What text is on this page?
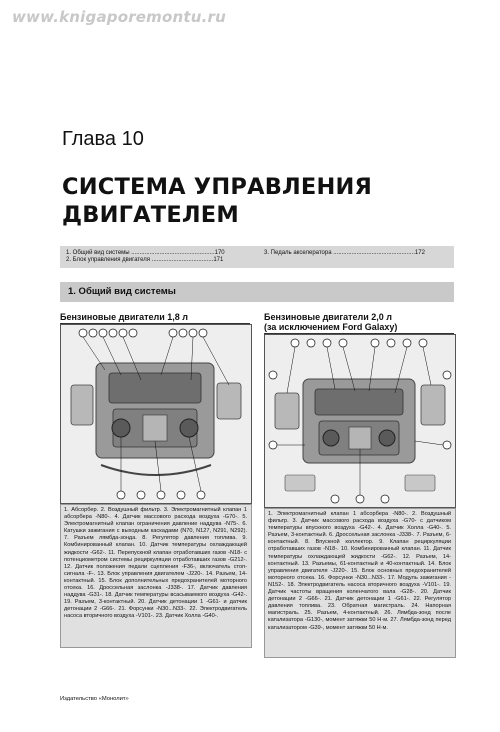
www.knigaporemontu.ru
Глава 10
СИСТЕМА УПРАВЛЕНИЯ
ДВИГАТЕЛЕМ
1. Общий вид системы ..................................................170
2. Блок управления двигателя .....................................171
3. Педаль акселератора .................................................172
1. Общий вид системы
Бензиновые двигатели 1,8 л
1. Абсорбер. 2. Воздушный фильтр. 3. Электромагнитный клапан 1 абсорбера -N80-. 4. Датчик массового расхода воздуха -G70-. 5. Электромагнитный клапан ограничения давление наддува -N75-. 6. Катушки зажигания с выходным каскадами (N70, N127, N291, N292). 7. Разъем лямбда-зонда. 8. Регулятор давления топлива. 9. Комбинированный клапан. 10. Датчик температуры охлаждающей жидкости -G62-. 11. Перепускной клапан отработавших газов -N18- с потенциометром системы рециркуляции отработавших газов -G212-. 12. Датчик положения педали сцепления -F36-, включатель стоп-сигнала -F-. 13. Блок управления двигателем -J220-. 14. Разъем, 14-контактный. 15. Блок дополнительных предохранителей моторного отсека. 16. Дроссельная заслонка -J338-. 17. Датчик давления наддува -G31-. 18. Датчик температуры всасываемого воздуха -G42-. 19. Разъем, 3-контактный. 20. Датчик детонации 1 -G61- и датчик детонации 2 -G66-. 21. Форсунки -N30...N33-. 22. Электродвигатель насоса вторичного воздуха -V101-. 23. Датчик Холла -G40-.
Бензиновые двигатели 2,0 л
(за исключением Ford Galaxy)
1. Электромагнитный клапан 1 абсорбера -N80-. 2. Воздушный фильтр. 3. Датчик массового расхода воздуха -G70- с датчиком температуры впускного воздуха -G42-. 4. Датчик Холла -G40-. 5. Разъем, 3-контактный. 6. Дроссельная заслонка -J338-. 7. Разъем, 6-контактный. 8. Впускной коллектор. 9. Клапан рециркуляции отработавших газов -N18-. 10. Комбинированный клапан. 11. Датчик температуры охлаждающей жидкости -G62-. 12. Разъем, 14-контактный. 13. Разъемы, 61-контактный и 40-контактный. 14. Блок управления двигателя -J220-. 15. Блок основных предохранителей моторного отсека. 16. Форсунки -N30...N33-. 17. Модуль зажигания -N152-. 18. Электродвигатель насоса вторичного воздуха -V101-. 19. Датчик частоты вращения коленчатого вала -G28-. 20. Датчик детонации 2 -G66-. 21. Датчик детонации 1 -G61-. 22. Регулятор давления топлива. 23. Обратная магистраль. 24. Напорная магистраль. 25. Разъем, 4-контактный. 26. Лямбда-зонд после катализатора -G130-, момент затяжки 50 Н·м. 27. Лямбда-зонд перед катализатором -G39-, момент затяжки 50 Н·м.
Издательство «Монолит»
